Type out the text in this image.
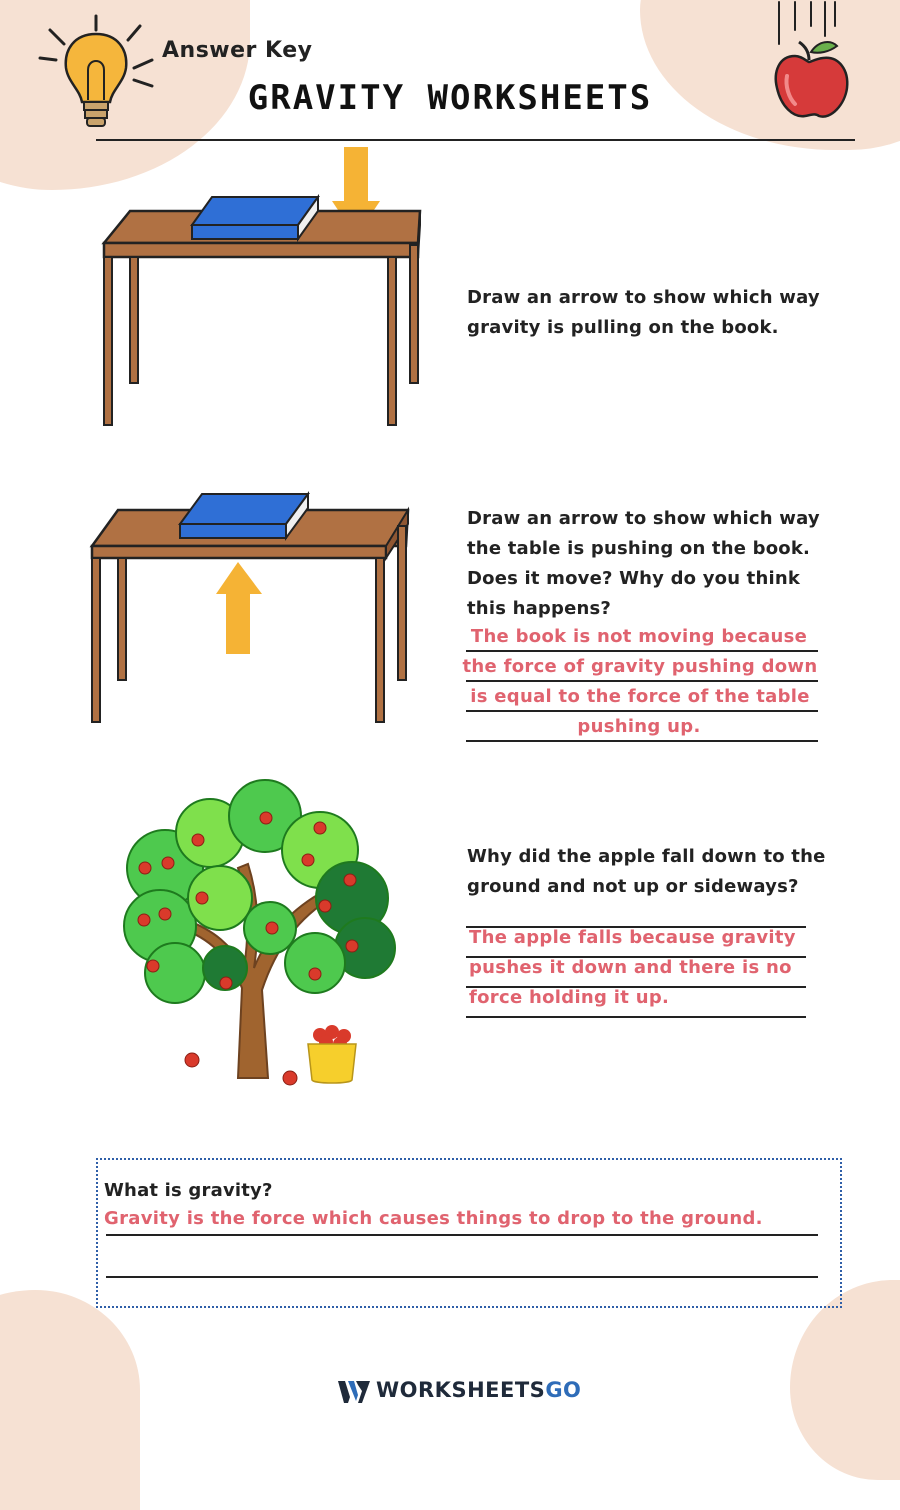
Answer Key
GRAVITY WORKSHEETS
Draw an arrow to show which way
gravity is pulling on the book.
Draw an arrow to show which way
the table is pushing on the book.
Does it move? Why do you think
this happens?
The book is not moving because
the force of gravity pushing down
is equal to the force of the table
pushing up.
Why did the apple fall down to the
ground and not up or sideways?
The apple falls because gravity
pushes it down and there is no
force holding it up.
What is gravity?
Gravity is the force which causes things to drop to the ground.
WORKSHEETSGO
